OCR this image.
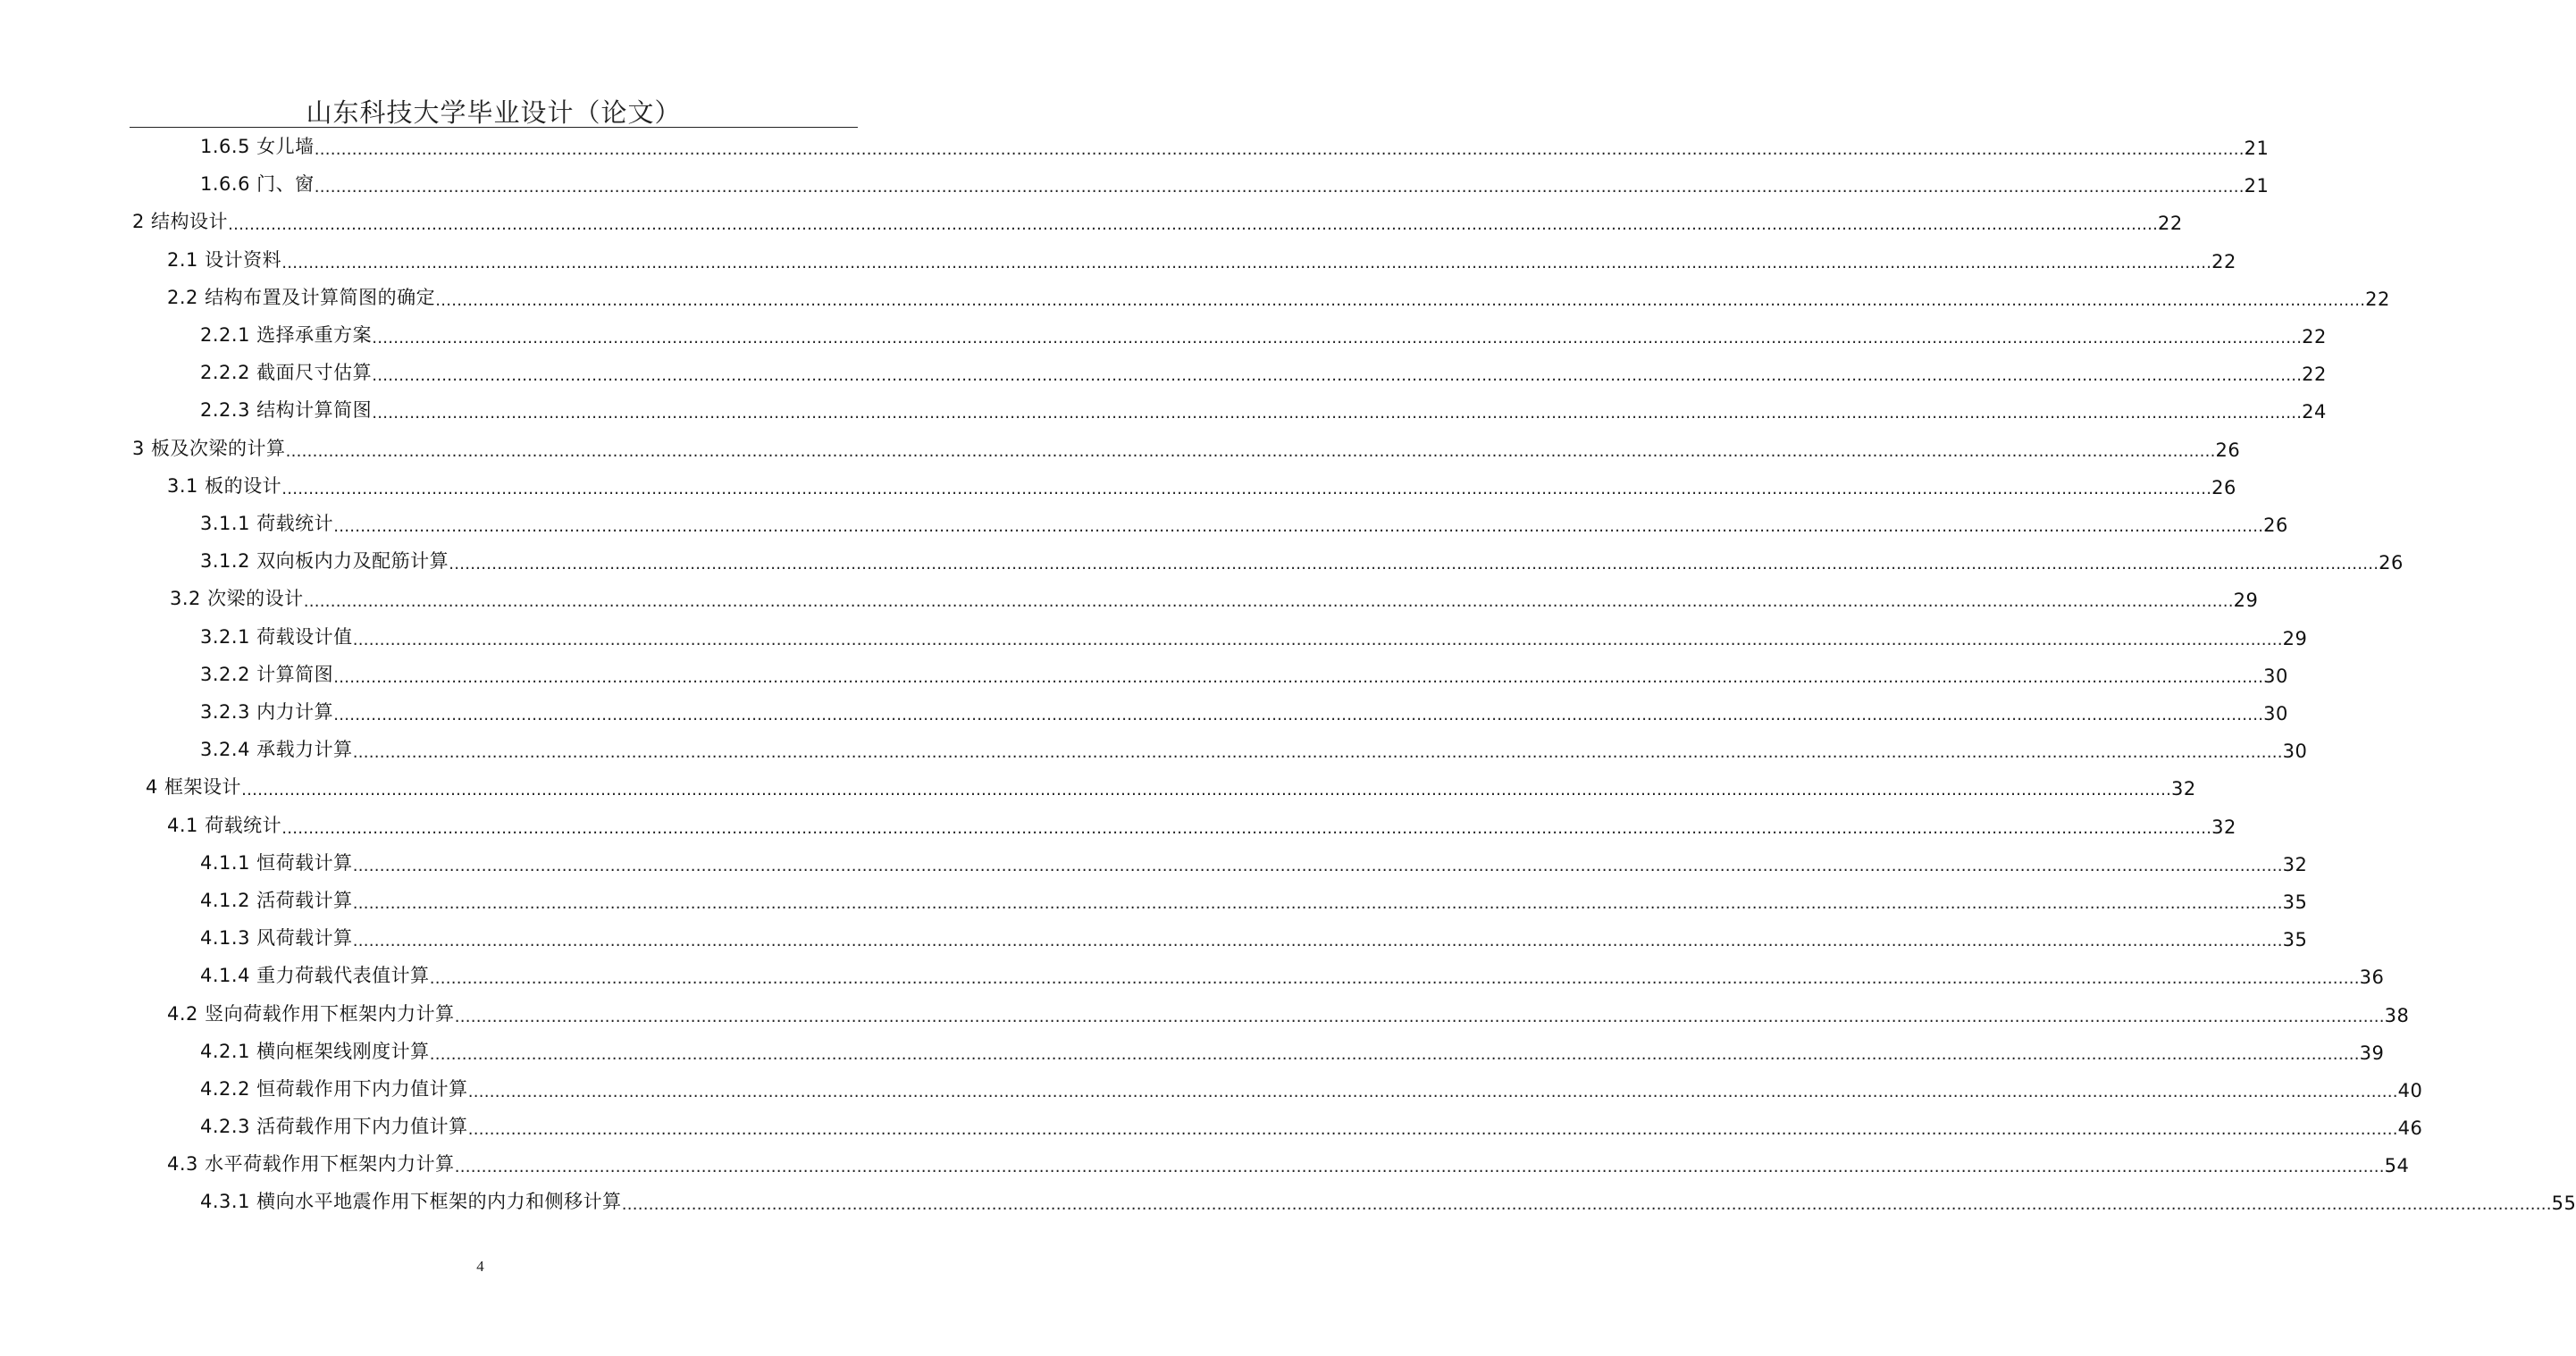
山东科技大学毕业设计（论文）
1.6.5 女儿墙 ……………………………………………………………………………………………………………………………………………………………………………………………………………………………………………………………………………………………………………………………… 21
1.6.6 门、窗 ……………………………………………………………………………………………………………………………………………………………………………………………………………………………………………………………………………………………………………………………… 21
2 结构设计 ……………………………………………………………………………………………………………………………………………………………………………………………………………………………………………………………………………………………………………………………… 22
2.1 设计资料 ……………………………………………………………………………………………………………………………………………………………………………………………………………………………………………………………………………………………………………………………… 22
2.2 结构布置及计算简图的确定 ……………………………………………………………………………………………………………………………………………………………………………………………………………………………………………………………………………………………………………………………… 22
2.2.1 选择承重方案 ……………………………………………………………………………………………………………………………………………………………………………………………………………………………………………………………………………………………………………………………… 22
2.2.2 截面尺寸估算 ……………………………………………………………………………………………………………………………………………………………………………………………………………………………………………………………………………………………………………………………… 22
2.2.3 结构计算简图 ……………………………………………………………………………………………………………………………………………………………………………………………………………………………………………………………………………………………………………………………… 24
3 板及次梁的计算 ……………………………………………………………………………………………………………………………………………………………………………………………………………………………………………………………………………………………………………………………… 26
3.1 板的设计 ……………………………………………………………………………………………………………………………………………………………………………………………………………………………………………………………………………………………………………………………… 26
3.1.1 荷载统计 ……………………………………………………………………………………………………………………………………………………………………………………………………………………………………………………………………………………………………………………………… 26
3.1.2 双向板内力及配筋计算 ……………………………………………………………………………………………………………………………………………………………………………………………………………………………………………………………………………………………………………………………… 26
3.2 次梁的设计 ……………………………………………………………………………………………………………………………………………………………………………………………………………………………………………………………………………………………………………………………… 29
3.2.1 荷载设计值 ……………………………………………………………………………………………………………………………………………………………………………………………………………………………………………………………………………………………………………………………… 29
3.2.2 计算简图 ……………………………………………………………………………………………………………………………………………………………………………………………………………………………………………………………………………………………………………………………… 30
3.2.3 内力计算 ……………………………………………………………………………………………………………………………………………………………………………………………………………………………………………………………………………………………………………………………… 30
3.2.4 承载力计算 ……………………………………………………………………………………………………………………………………………………………………………………………………………………………………………………………………………………………………………………………… 30
4 框架设计 ……………………………………………………………………………………………………………………………………………………………………………………………………………………………………………………………………………………………………………………………… 32
4.1 荷载统计 ……………………………………………………………………………………………………………………………………………………………………………………………………………………………………………………………………………………………………………………………… 32
4.1.1 恒荷载计算 ……………………………………………………………………………………………………………………………………………………………………………………………………………………………………………………………………………………………………………………………… 32
4.1.2 活荷载计算 ……………………………………………………………………………………………………………………………………………………………………………………………………………………………………………………………………………………………………………………………… 35
4.1.3 风荷载计算 ……………………………………………………………………………………………………………………………………………………………………………………………………………………………………………………………………………………………………………………………… 35
4.1.4 重力荷载代表值计算 ……………………………………………………………………………………………………………………………………………………………………………………………………………………………………………………………………………………………………………………………… 36
4.2 竖向荷载作用下框架内力计算 ……………………………………………………………………………………………………………………………………………………………………………………………………………………………………………………………………………………………………………………………… 38
4.2.1 横向框架线刚度计算 ……………………………………………………………………………………………………………………………………………………………………………………………………………………………………………………………………………………………………………………………… 39
4.2.2 恒荷载作用下内力值计算 ……………………………………………………………………………………………………………………………………………………………………………………………………………………………………………………………………………………………………………………………… 40
4.2.3 活荷载作用下内力值计算 ……………………………………………………………………………………………………………………………………………………………………………………………………………………………………………………………………………………………………………………………… 46
4.3 水平荷载作用下框架内力计算 ……………………………………………………………………………………………………………………………………………………………………………………………………………………………………………………………………………………………………………………………… 54
4.3.1 横向水平地震作用下框架的内力和侧移计算 ……………………………………………………………………………………………………………………………………………………………………………………………………………………………………………………………………………………………………………………………… 55
4
